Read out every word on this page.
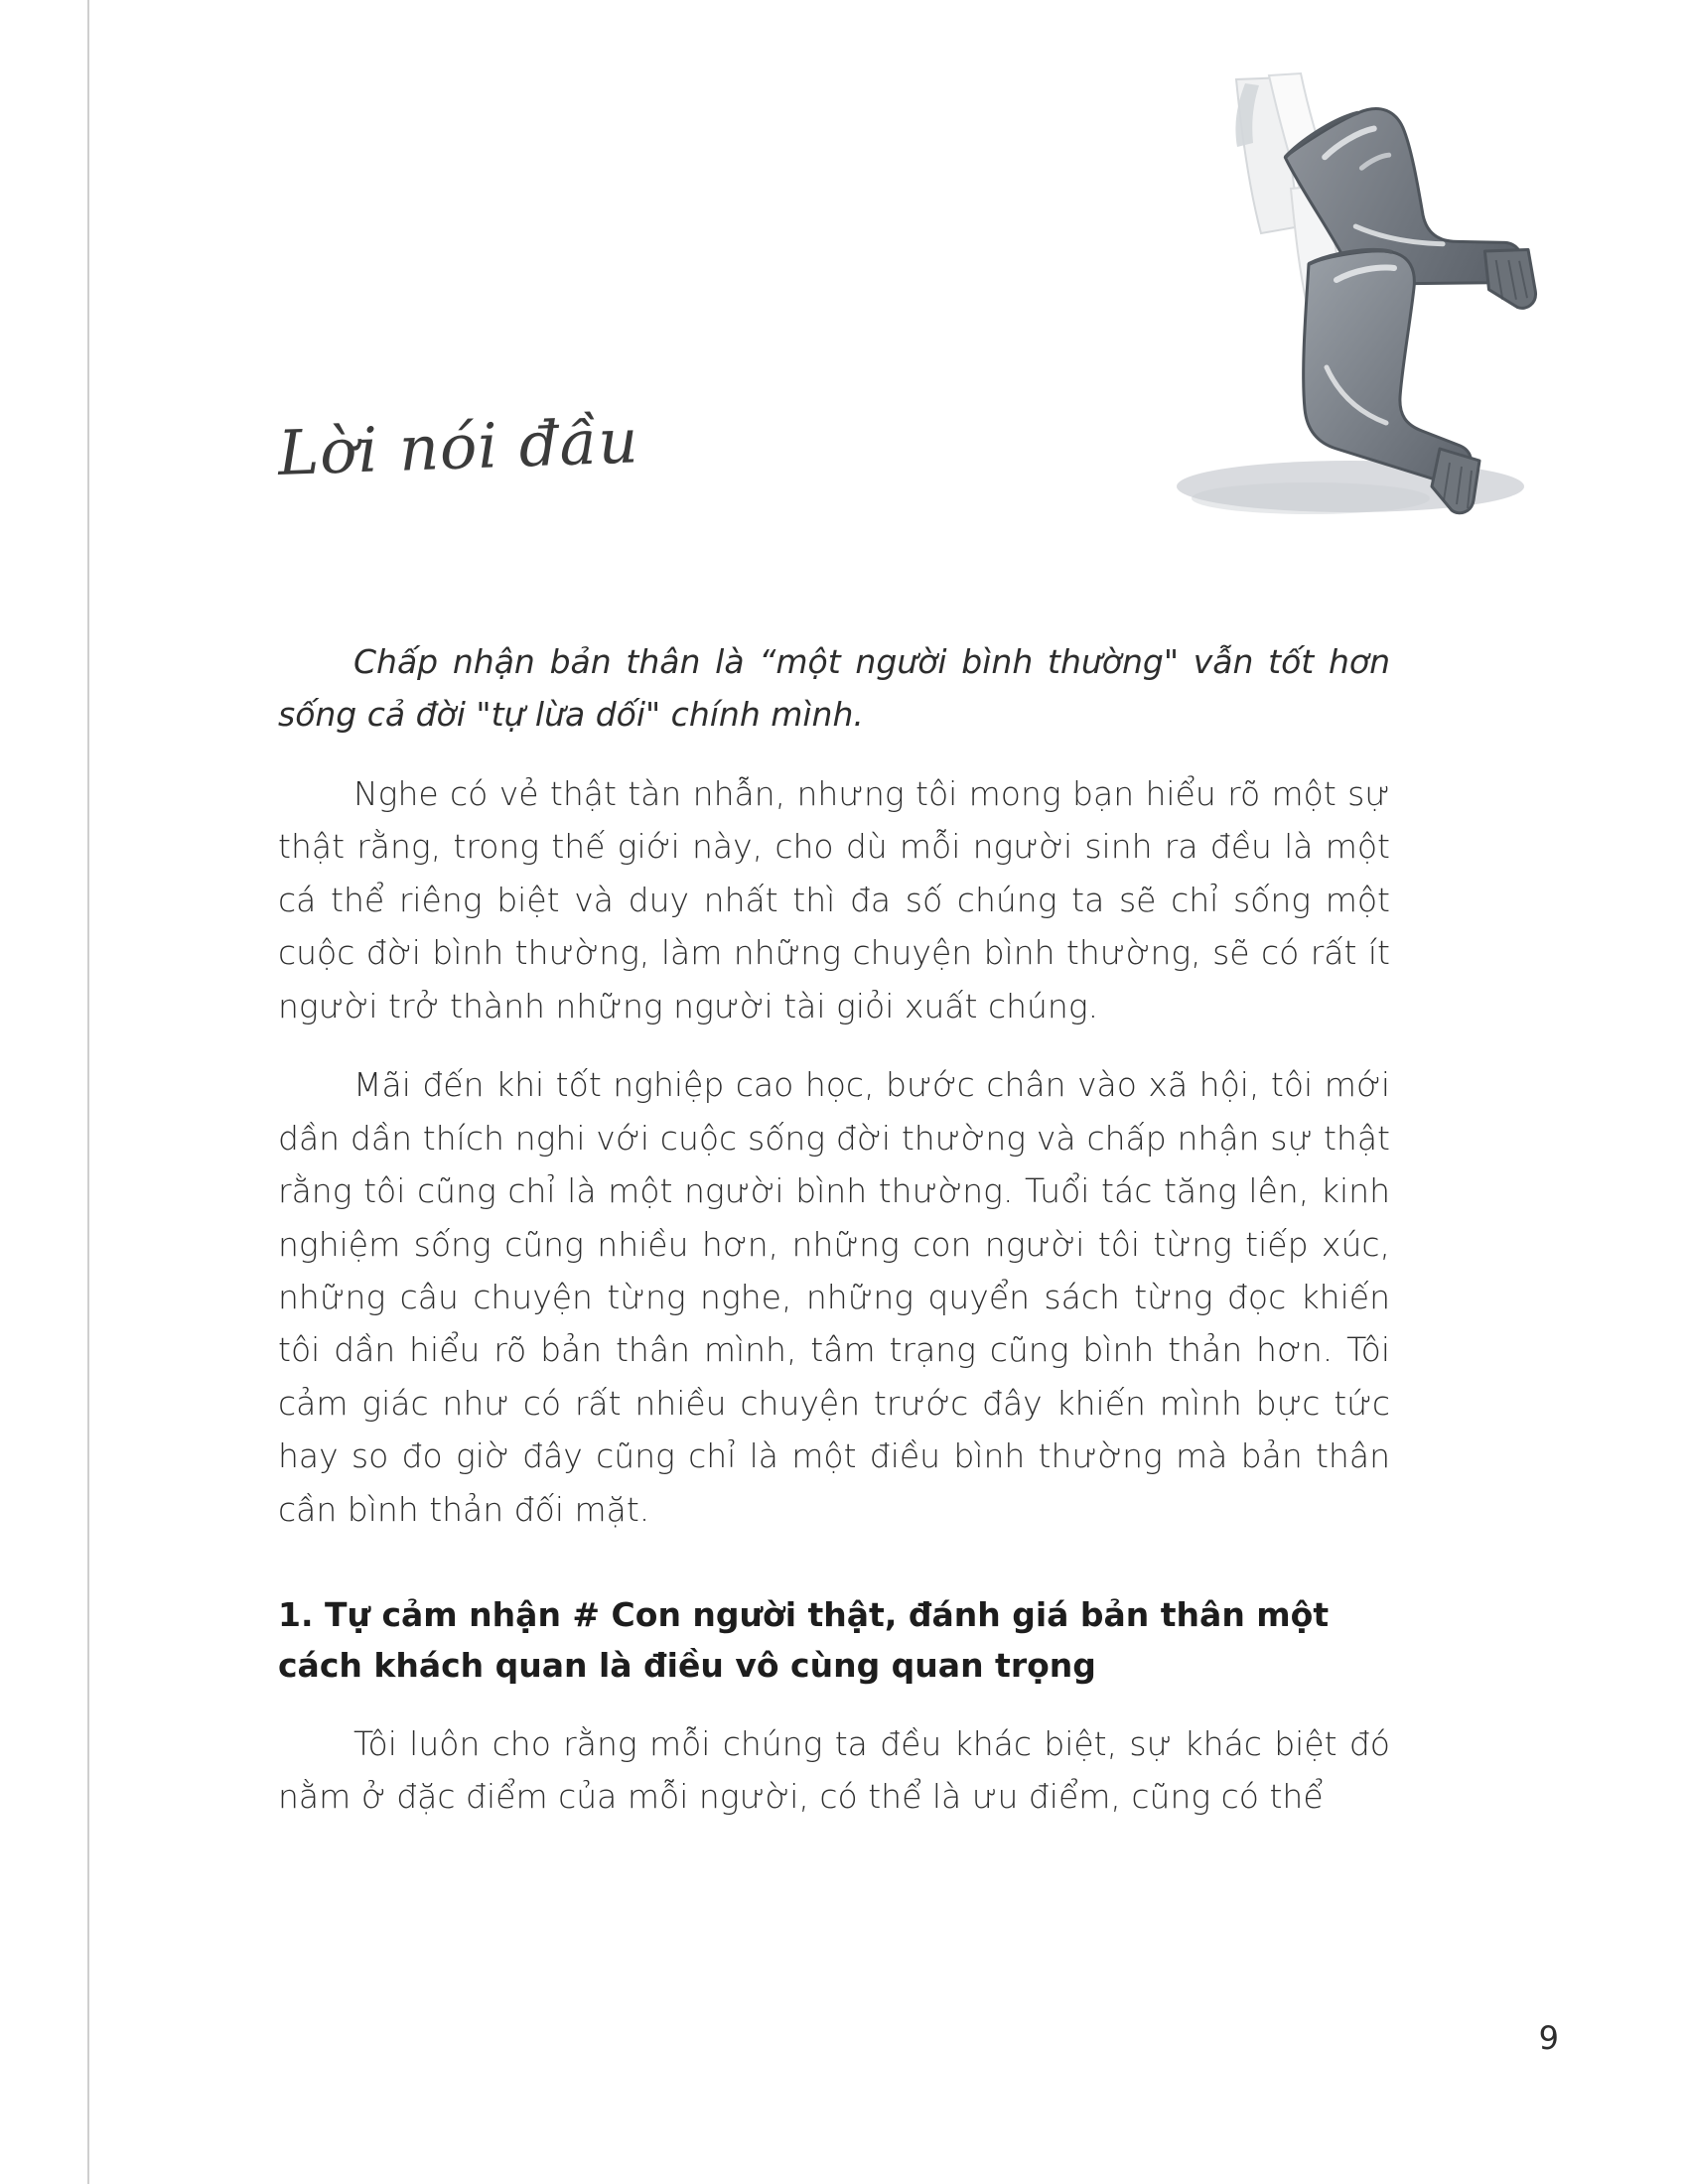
Lời nói đầu

Chấp nhận bản thân là “một người bình thường" vẫn tốt hơn sống cả đời "tự lừa dối" chính mình.

Nghe có vẻ thật tàn nhẫn, nhưng tôi mong bạn hiểu rõ một sự thật rằng, trong thế giới này, cho dù mỗi người sinh ra đều là một cá thể riêng biệt và duy nhất thì đa số chúng ta sẽ chỉ sống một cuộc đời bình thường, làm những chuyện bình thường, sẽ có rất ít người trở thành những người tài giỏi xuất chúng.

Mãi đến khi tốt nghiệp cao học, bước chân vào xã hội, tôi mới dần dần thích nghi với cuộc sống đời thường và chấp nhận sự thật rằng tôi cũng chỉ là một người bình thường. Tuổi tác tăng lên, kinh nghiệm sống cũng nhiều hơn, những con người tôi từng tiếp xúc, những câu chuyện từng nghe, những quyển sách từng đọc khiến tôi dần hiểu rõ bản thân mình, tâm trạng cũng bình thản hơn. Tôi cảm giác như có rất nhiều chuyện trước đây khiến mình bực tức hay so đo giờ đây cũng chỉ là một điều bình thường mà bản thân cần bình thản đối mặt.

1. Tự cảm nhận # Con người thật, đánh giá bản thân một cách khách quan là điều vô cùng quan trọng

Tôi luôn cho rằng mỗi chúng ta đều khác biệt, sự khác biệt đó nằm ở đặc điểm của mỗi người, có thể là ưu điểm, cũng có thể

9
